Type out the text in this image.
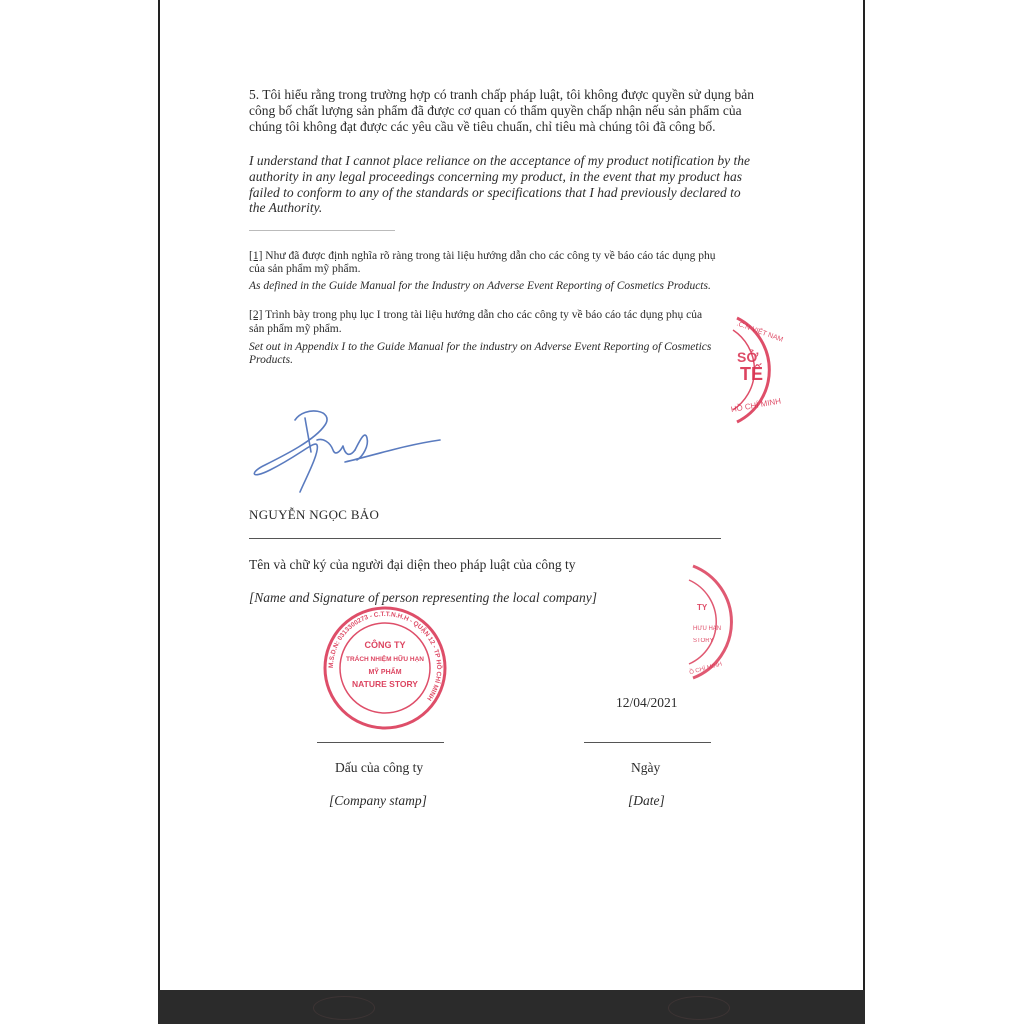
5. Tôi hiểu rằng trong trường hợp có tranh chấp pháp luật, tôi không được quyền sử dụng bản
công bố chất lượng sản phẩm đã được cơ quan có thẩm quyền chấp nhận nếu sản phẩm của
chúng tôi không đạt được các yêu cầu về tiêu chuẩn, chỉ tiêu mà chúng tôi đã công bố.
I understand that I cannot place reliance on the acceptance of my product notification by the
authority in any legal proceedings concerning my product, in the event that my product has
failed to conform to any of the standards or specifications that I had previously declared to
the Authority.
[1] Như đã được định nghĩa rõ ràng trong tài liệu hướng dẫn cho các công ty về báo cáo tác dụng phụ
của sản phẩm mỹ phẩm.
As defined in the Guide Manual for the Industry on Adverse Event Reporting of Cosmetics Products.
[2] Trình bày trong phụ lục I trong tài liệu hướng dẫn cho các công ty về báo cáo tác dụng phụ của
sản phẩm mỹ phẩm.
Set out in Appendix I to the Guide Manual for the industry on Adverse Event Reporting of Cosmetics
Products.
TẾ
SỞ
HỒ CHÍ MINH
.C.N VIỆT NAM
NGUYỄN NGỌC BẢO
Tên và chữ ký của người đại diện theo pháp luật của công ty
[Name and Signature of person representing the local company]
CÔNG TY
TRÁCH NHIỆM HỮU HẠN
MỸ PHẨM
NATURE STORY
M.S.D.N: 0313300273 - C.T.T.N.H.H - QUẬN 12 - TP HỒ CHÍ MINH
TY
HỮU HẠN
STORY
Ồ CHÍ MINH
12/04/2021
Dấu của công ty	Ngày
[Company stamp]	[Date]
